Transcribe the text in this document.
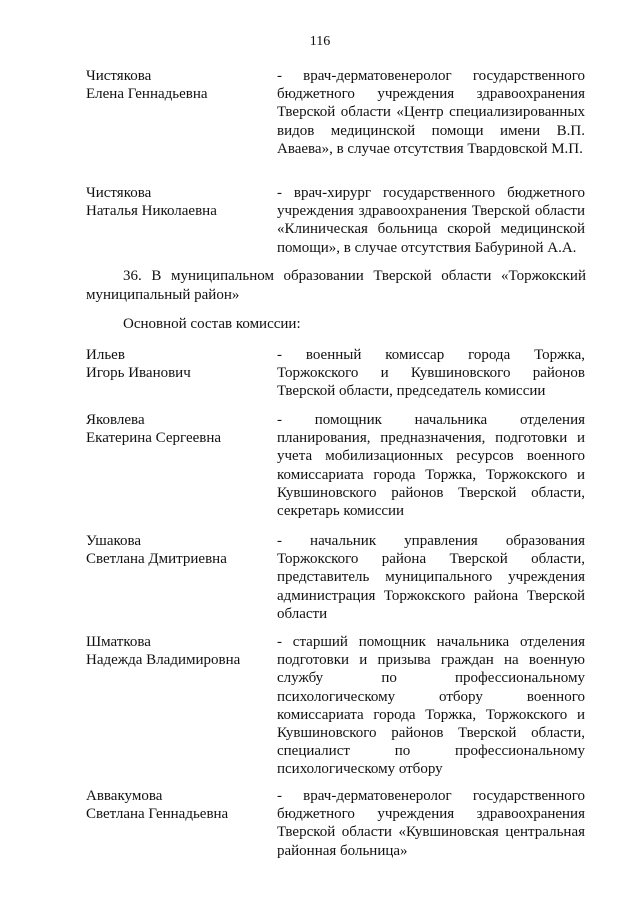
116
Чистякова
Елена Геннадьевна
- врач-дерматовенеролог государственного бюджетного учреждения здравоохранения Тверской области «Центр специализированных видов медицинской помощи имени В.П. Аваева», в случае отсутствия Твардовской М.П.
Чистякова
Наталья Николаевна
- врач-хирург государственного бюджетного учреждения здравоохранения Тверской области «Клиническая больница скорой медицинской помощи», в случае отсутствия Бабуриной А.А.
36. В муниципальном образовании Тверской области «Торжокский муниципальный район»
Основной состав комиссии:
Ильев
Игорь Иванович
- военный комиссар города Торжка, Торжокского и Кувшиновского районов Тверской области, председатель комиссии
Яковлева
Екатерина Сергеевна
- помощник начальника отделения планирования, предназначения, подготовки и учета мобилизационных ресурсов военного комиссариата города Торжка, Торжокского и Кувшиновского районов Тверской области, секретарь комиссии
Ушакова
Светлана Дмитриевна
- начальник управления образования Торжокского района Тверской области, представитель муниципального учреждения администрация Торжокского района Тверской области
Шматкова
Надежда Владимировна
- старший помощник начальника отделения подготовки и призыва граждан на военную службу по профессиональному психологическому отбору военного комиссариата города Торжка, Торжокского и Кувшиновского районов Тверской области, специалист по профессиональному психологическому отбору
Аввакумова
Светлана Геннадьевна
- врач-дерматовенеролог государственного бюджетного учреждения здравоохранения Тверской области «Кувшиновская центральная районная больница»
